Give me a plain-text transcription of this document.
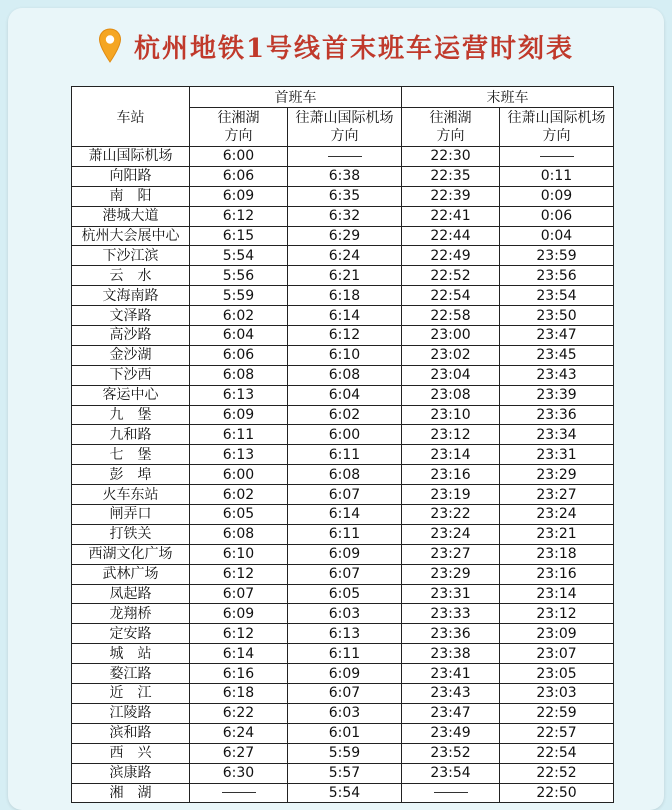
杭州地铁1号线首末班车运营时刻表
车站	首班车		末班车	
	往湘湖方向	往萧山国际机场方向	往湘湖方向	往萧山国际机场方向
萧山国际机场	6:00		22:30	
向阳路	6:06	6:38	22:35	0:11
南　阳	6:09	6:35	22:39	0:09
港城大道	6:12	6:32	22:41	0:06
杭州大会展中心	6:15	6:29	22:44	0:04
下沙江滨	5:54	6:24	22:49	23:59
云　水	5:56	6:21	22:52	23:56
文海南路	5:59	6:18	22:54	23:54
文泽路	6:02	6:14	22:58	23:50
高沙路	6:04	6:12	23:00	23:47
金沙湖	6:06	6:10	23:02	23:45
下沙西	6:08	6:08	23:04	23:43
客运中心	6:13	6:04	23:08	23:39
九　堡	6:09	6:02	23:10	23:36
九和路	6:11	6:00	23:12	23:34
七　堡	6:13	6:11	23:14	23:31
彭　埠	6:00	6:08	23:16	23:29
火车东站	6:02	6:07	23:19	23:27
闸弄口	6:05	6:14	23:22	23:24
打铁关	6:08	6:11	23:24	23:21
西湖文化广场	6:10	6:09	23:27	23:18
武林广场	6:12	6:07	23:29	23:16
凤起路	6:07	6:05	23:31	23:14
龙翔桥	6:09	6:03	23:33	23:12
定安路	6:12	6:13	23:36	23:09
城　站	6:14	6:11	23:38	23:07
婺江路	6:16	6:09	23:41	23:05
近　江	6:18	6:07	23:43	23:03
江陵路	6:22	6:03	23:47	22:59
滨和路	6:24	6:01	23:49	22:57
西　兴	6:27	5:59	23:52	22:54
滨康路	6:30	5:57	23:54	22:52
湘　湖		5:54		22:50
